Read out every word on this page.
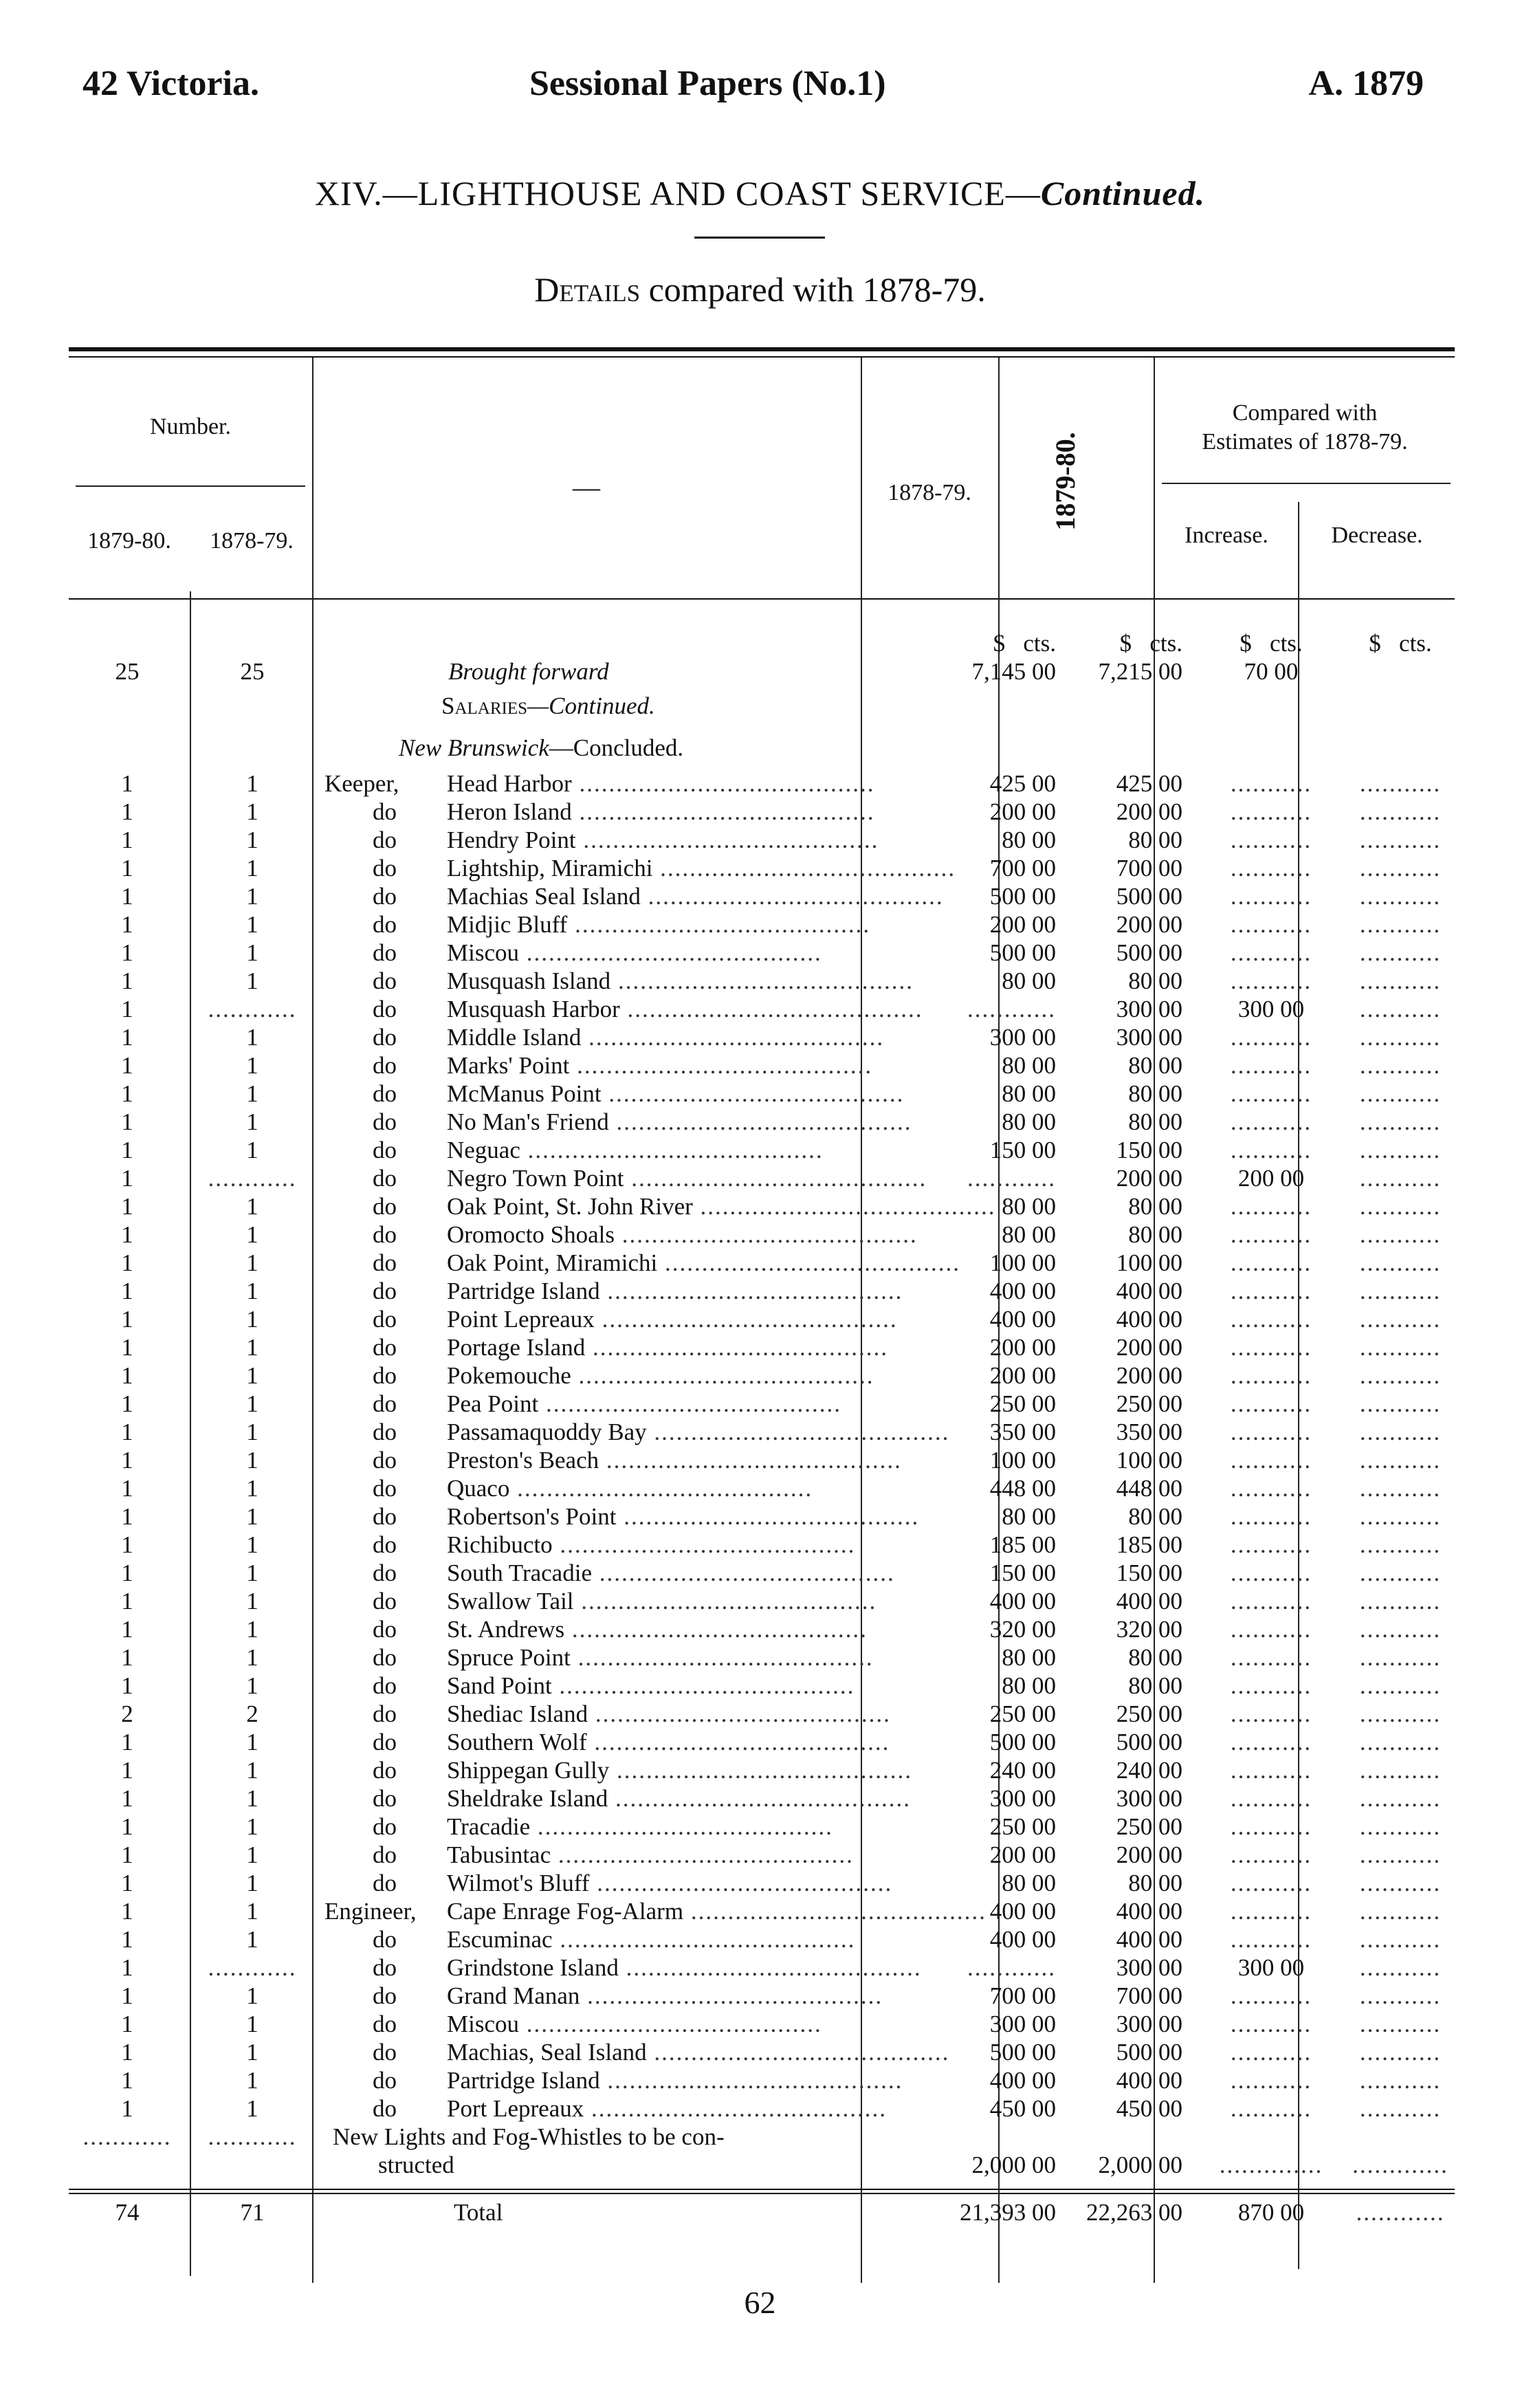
42 Victoria.	Sessional Papers (No.1)	A. 1879
XIV.—LIGHTHOUSE AND COAST SERVICE—Continued.
Details compared with 1878-79.
Number.
1879-80.	1878-79.
—	1878-79.	1879-80.
Compared with
Estimates of 1878-79.
Increase.	Decrease.
$ cts.	$ cts.	$ cts.	$ cts.
25	25	Brought forward	7,145 00	7,215 00	70 00
Salaries—Continued.
New Brunswick—Concluded.
1	1	Keeper, Head Harbor ........................................	425 00	425 00	...........	...........
1	1	do Heron Island ........................................	200 00	200 00	...........	...........
1	1	do Hendry Point ........................................	80 00	80 00	...........	...........
1	1	do Lightship, Miramichi ........................................	700 00	700 00	...........	...........
1	1	do Machias Seal Island ........................................	500 00	500 00	...........	...........
1	1	do Midjic Bluff ........................................	200 00	200 00	...........	...........
1	1	do Miscou ........................................	500 00	500 00	...........	...........
1	1	do Musquash Island ........................................	80 00	80 00	...........	...........
1	............	do Musquash Harbor ........................................	............	300 00	300 00	...........
1	1	do Middle Island ........................................	300 00	300 00	...........	...........
1	1	do Marks' Point ........................................	80 00	80 00	...........	...........
1	1	do McManus Point ........................................	80 00	80 00	...........	...........
1	1	do No Man's Friend ........................................	80 00	80 00	...........	...........
1	1	do Neguac ........................................	150 00	150 00	...........	...........
1	............	do Negro Town Point ........................................	............	200 00	200 00	...........
1	1	do Oak Point, St. John River ........................................ 80 00	80 00	...........	...........
1	1	do Oromocto Shoals ........................................	80 00	80 00	...........	...........
1	1	do Oak Point, Miramichi ........................................	100 00	100 00	...........	...........
1	1	do Partridge Island ........................................	400 00	400 00	...........	...........
1	1	do Point Lepreaux ........................................	400 00	400 00	...........	...........
1	1	do Portage Island ........................................	200 00	200 00	...........	...........
1	1	do Pokemouche ........................................	200 00	200 00	...........	...........
1	1	do Pea Point ........................................	250 00	250 00	...........	...........
1	1	do Passamaquoddy Bay ........................................	350 00	350 00	...........	...........
1	1	do Preston's Beach ........................................	100 00	100 00	...........	...........
1	1	do Quaco ........................................	448 00	448 00	...........	...........
1	1	do Robertson's Point ........................................	80 00	80 00	...........	...........
1	1	do Richibucto ........................................	185 00	185 00	...........	...........
1	1	do South Tracadie ........................................	150 00	150 00	...........	...........
1	1	do Swallow Tail ........................................	400 00	400 00	...........	...........
1	1	do St. Andrews ........................................	320 00	320 00	...........	...........
1	1	do Spruce Point ........................................	80 00	80 00	...........	...........
1	1	do Sand Point ........................................	80 00	80 00	...........	...........
2	2	do Shediac Island ........................................	250 00	250 00	...........	...........
1	1	do Southern Wolf ........................................	500 00	500 00	...........	...........
1	1	do Shippegan Gully ........................................	240 00	240 00	...........	...........
1	1	do Sheldrake Island ........................................	300 00	300 00	...........	...........
1	1	do Tracadie ........................................	250 00	250 00	...........	...........
1	1	do Tabusintac ........................................	200 00	200 00	...........	...........
1	1	do Wilmot's Bluff ........................................	80 00	80 00	...........	...........
1	1	Engineer, Cape Enrage Fog-Alarm ........................................ 400 00	400 00	...........	...........
1	1	do Escuminac ........................................	400 00	400 00	...........	...........
1	............	do Grindstone Island ........................................	............	300 00	300 00	...........
1	1	do Grand Manan ........................................	700 00	700 00	...........	...........
1	1	do Miscou ........................................	300 00	300 00	...........	...........
1	1	do Machias, Seal Island ........................................	500 00	500 00	...........	...........
1	1	do Partridge Island ........................................	400 00	400 00	...........	...........
1	1	do Port Lepreaux ........................................	450 00	450 00	...........	...........
............	............	New Lights and Fog-Whistles to be con-
structed	2,000 00	2,000 00	..............	.............
74	71	Total	21,393 00	22,263 00	870 00	............
62
